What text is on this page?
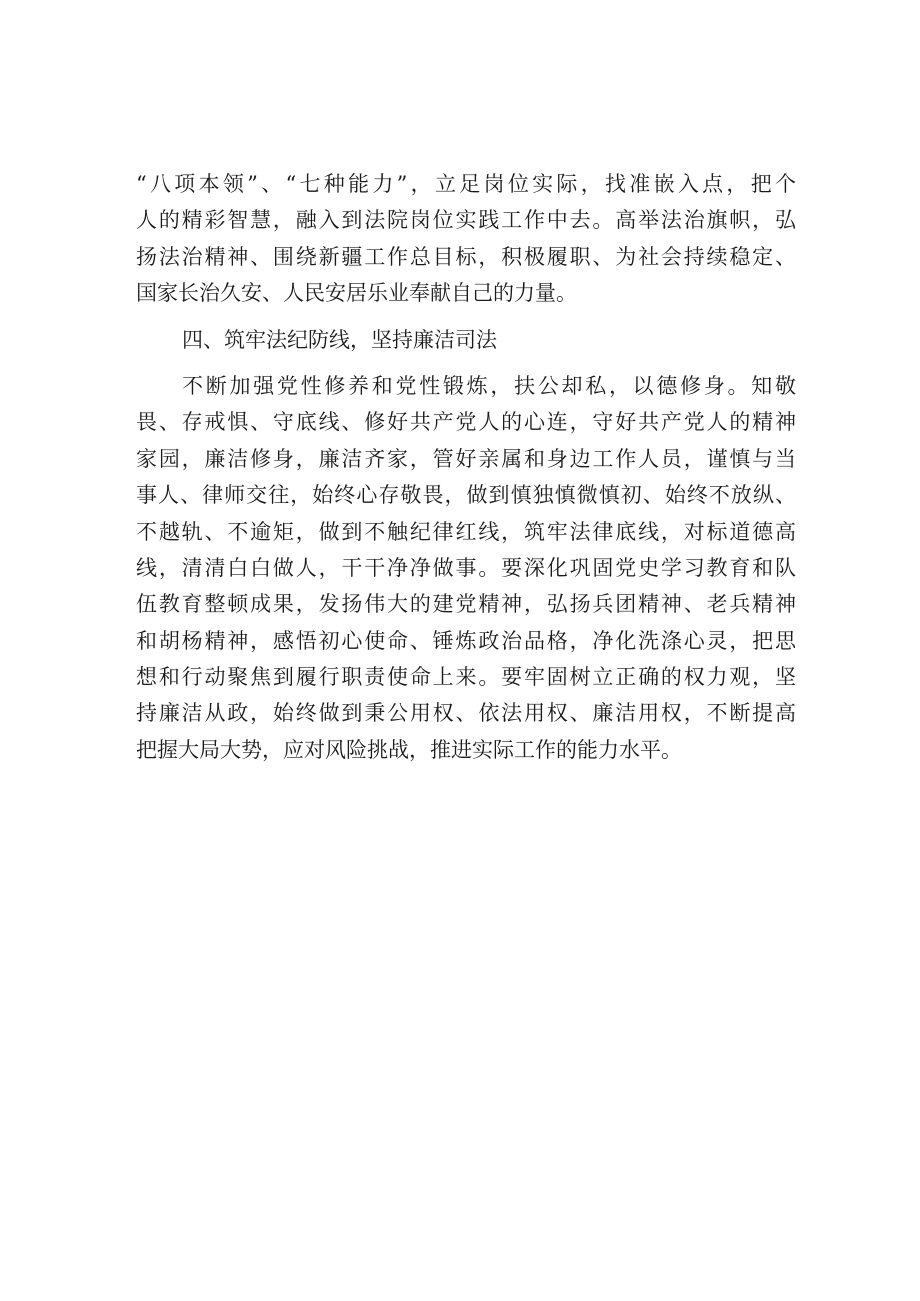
“八项本领”、“七种能力”，立足岗位实际，找准嵌入点，把个
人的精彩智慧，融入到法院岗位实践工作中去。高举法治旗帜，弘
扬法治精神、围绕新疆工作总目标，积极履职、为社会持续稳定、
国家长治久安、人民安居乐业奉献自己的力量。
四、筑牢法纪防线，坚持廉洁司法
不断加强党性修养和党性锻炼，扶公却私，以德修身。知敬
畏、存戒惧、守底线、修好共产党人的心连，守好共产党人的精神
家园，廉洁修身，廉洁齐家，管好亲属和身边工作人员，谨慎与当
事人、律师交往，始终心存敬畏，做到慎独慎微慎初、始终不放纵、
不越轨、不逾矩，做到不触纪律红线，筑牢法律底线，对标道德高
线，清清白白做人，干干净净做事。要深化巩固党史学习教育和队
伍教育整顿成果，发扬伟大的建党精神，弘扬兵团精神、老兵精神
和胡杨精神，感悟初心使命、锤炼政治品格，净化洗涤心灵，把思
想和行动聚焦到履行职责使命上来。要牢固树立正确的权力观，坚
持廉洁从政，始终做到秉公用权、依法用权、廉洁用权，不断提高
把握大局大势，应对风险挑战，推进实际工作的能力水平。
